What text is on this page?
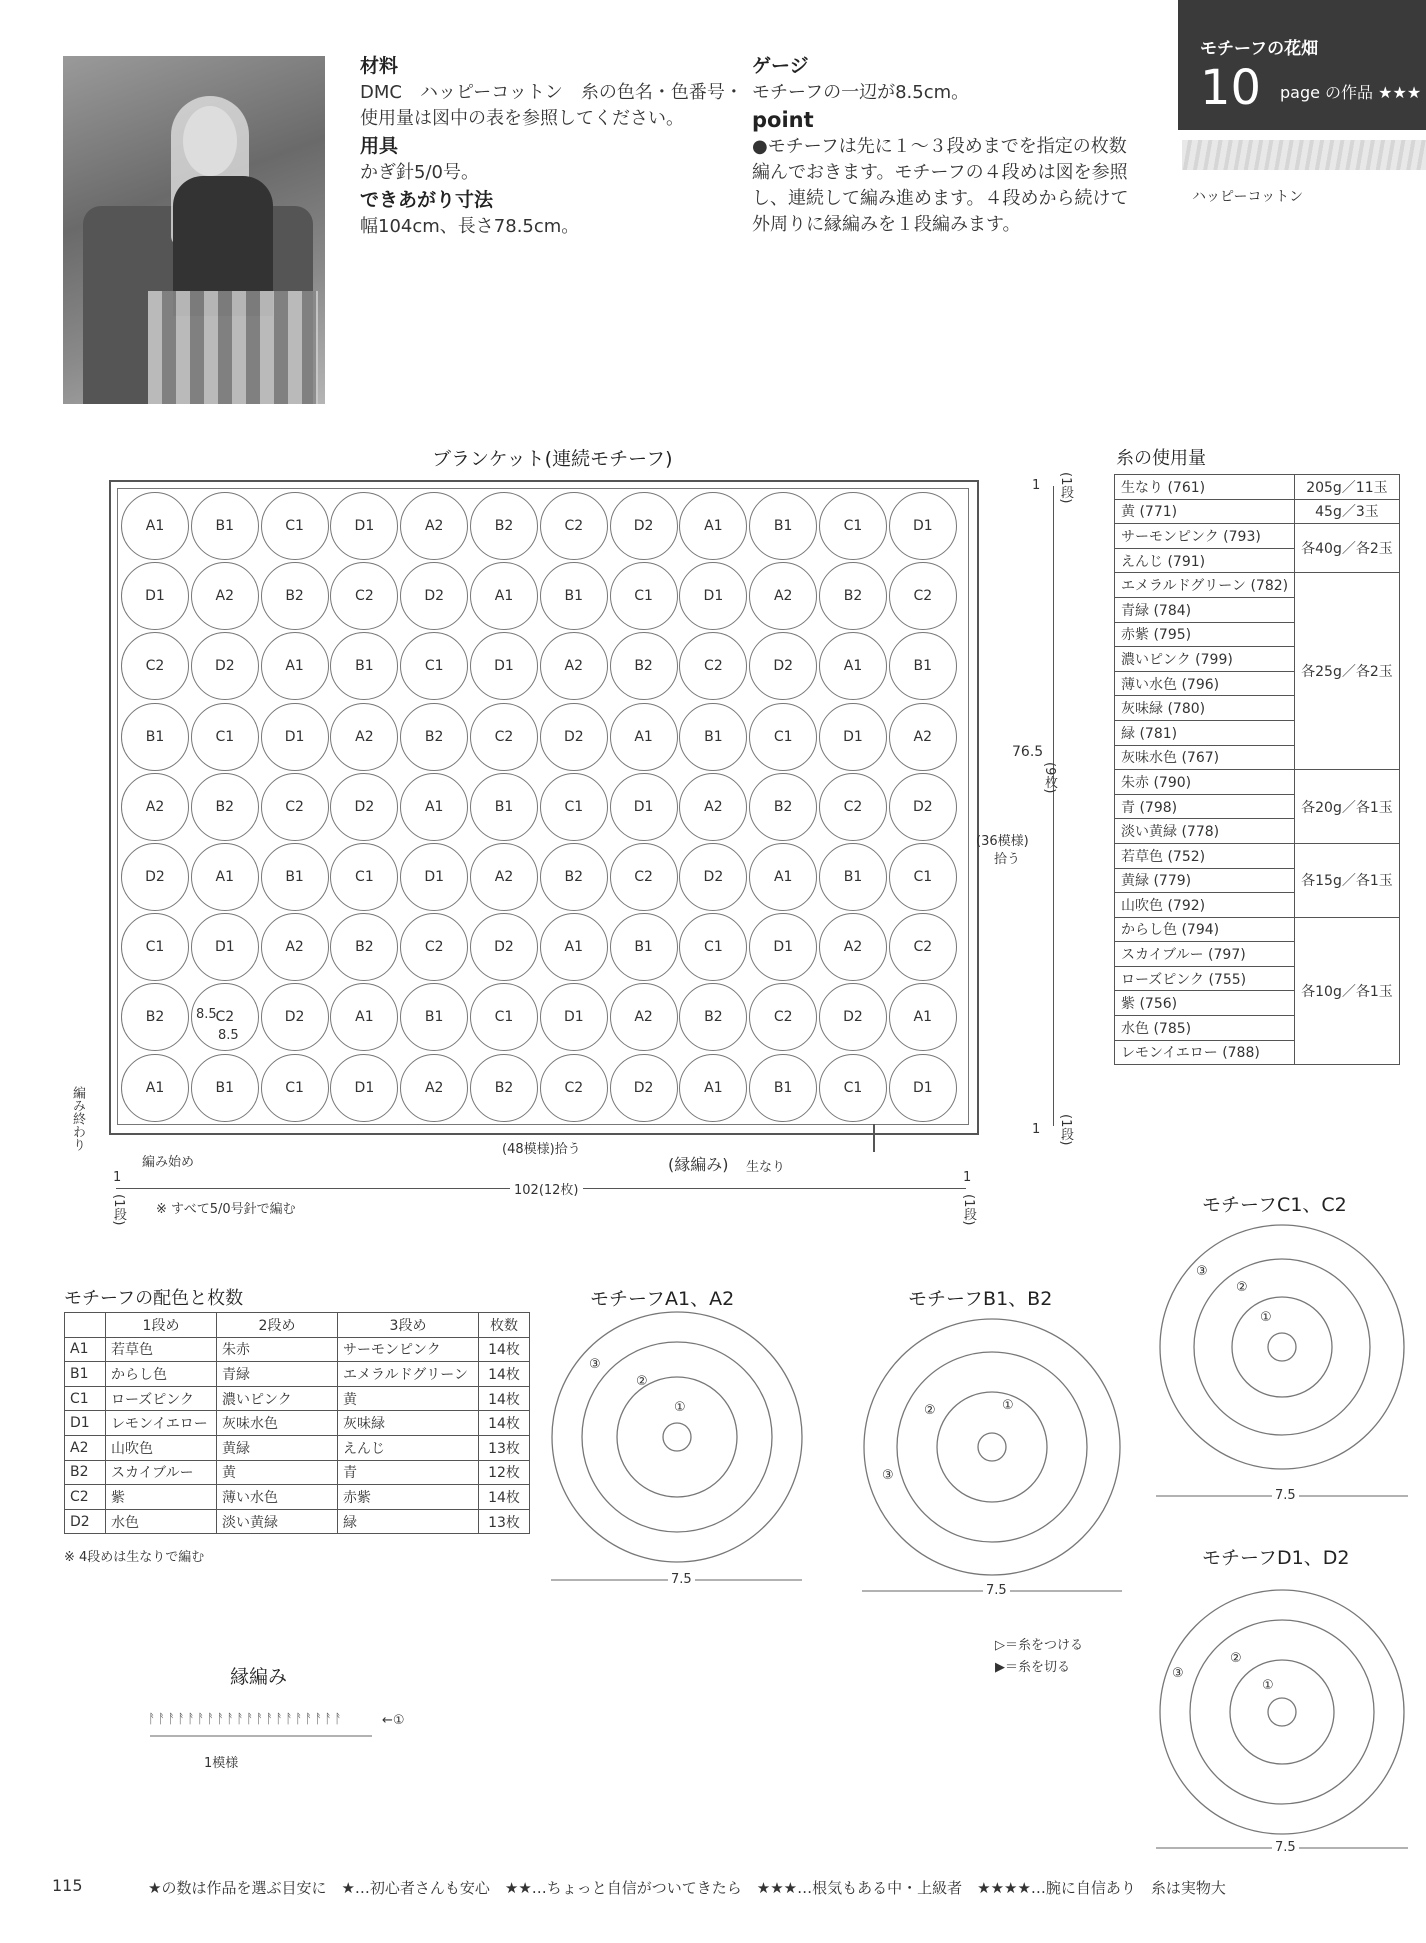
材料

DMC　ハッピーコットン　糸の色名・色番号・使用量は図中の表を参照してください。

用具

かぎ針5/0号。

できあがり寸法

幅104cm、長さ78.5cm。

ゲージ

モチーフの一辺が8.5cm。

point

●モチーフは先に１～３段めまでを指定の枚数編んでおきます。モチーフの４段めは図を参照し、連続して編み進めます。４段めから続けて外周りに縁編みを１段編みます。

モチーフの花畑
10 page の作品 ★★★
ハッピーコットン
ブランケット(連続モチーフ)
A1	B1	C1	D1	A2	B2	C2	D2	A1	B1	C1	D1
D1	A2	B2	C2	D2	A1	B1	C1	D1	A2	B2	C2
C2	D2	A1	B1	C1	D1	A2	B2	C2	D2	A1	B1
B1	C1	D1	A2	B2	C2	D2	A1	B1	C1	D1	A2
A2	B2	C2	D2	A1	B1	C1	D1	A2	B2	C2	D2
D2	A1	B1	C1	D1	A2	B2	C2	D2	A1	B1	C1
C1	D1	A2	B2	C2	D2	A1	B1	C1	D1	A2	C2
B2	C2	D2	A1	B1	C1	D1	A2	B2	C2	D2	A1
A1	B1	C1	D1	A2	B2	C2	D2	A1	B1	C1	D1
8.5
8.5
1 (1段)
76.5
(9枚)
(36模様)
拾う
1 (1段)
編み始め
編み終わり	(48模様)拾う
(縁編み) 生なり
102(12枚)
1
(1段)
1
(1段)
※ すべて5/0号針で編む
糸の使用量
生なり (761)	205g／11玉
黄 (771)	45g／3玉
サーモンピンク (793)	各40g／各2玉
えんじ (791)	
エメラルドグリーン (782)	各25g／各2玉
青緑 (784)	
赤紫 (795)	
濃いピンク (799)	
薄い水色 (796)	
灰味緑 (780)	
緑 (781)	
灰味水色 (767)	
朱赤 (790)	各20g／各1玉
青 (798)	
淡い黄緑 (778)	
若草色 (752)	各15g／各1玉
黄緑 (779)	
山吹色 (792)	
からし色 (794)	各10g／各1玉
スカイブルー (797)	
ローズピンク (755)	
紫 (756)	
水色 (785)	
レモンイエロー (788)	
モチーフの配色と枚数
	1段め	2段め	3段め	枚数
A1	若草色	朱赤	サーモンピンク	14枚
B1	からし色	青緑	エメラルドグリーン	14枚
C1	ローズピンク	濃いピンク	黄	14枚
D1	レモンイエロー	灰味水色	灰味緑	14枚
A2	山吹色	黄緑	えんじ	13枚
B2	スカイブルー	黄	青	12枚
C2	紫	薄い水色	赤紫	14枚
D2	水色	淡い黄緑	緑	13枚
※ 4段めは生なりで編む
モチーフA1、A2	モチーフB1、B2
モチーフC1、C2
モチーフD1、D2
7.5
7.5
7.5
7.5
①
②
③
①
②
③
①
②
③
①
②
③
▷＝糸をつける
▶＝糸を切る
縁編み
ᚨᚨᚨᚨᚨᚨᚨᚨᚨᚨᚨᚨᚨᚨᚨᚨᚨᚨᚨᚨ	←①
1模様
115	★の数は作品を選ぶ目安に　★…初心者さんも安心　★★…ちょっと自信がついてきたら　★★★…根気もある中・上級者　★★★★…腕に自信あり　糸は実物大
